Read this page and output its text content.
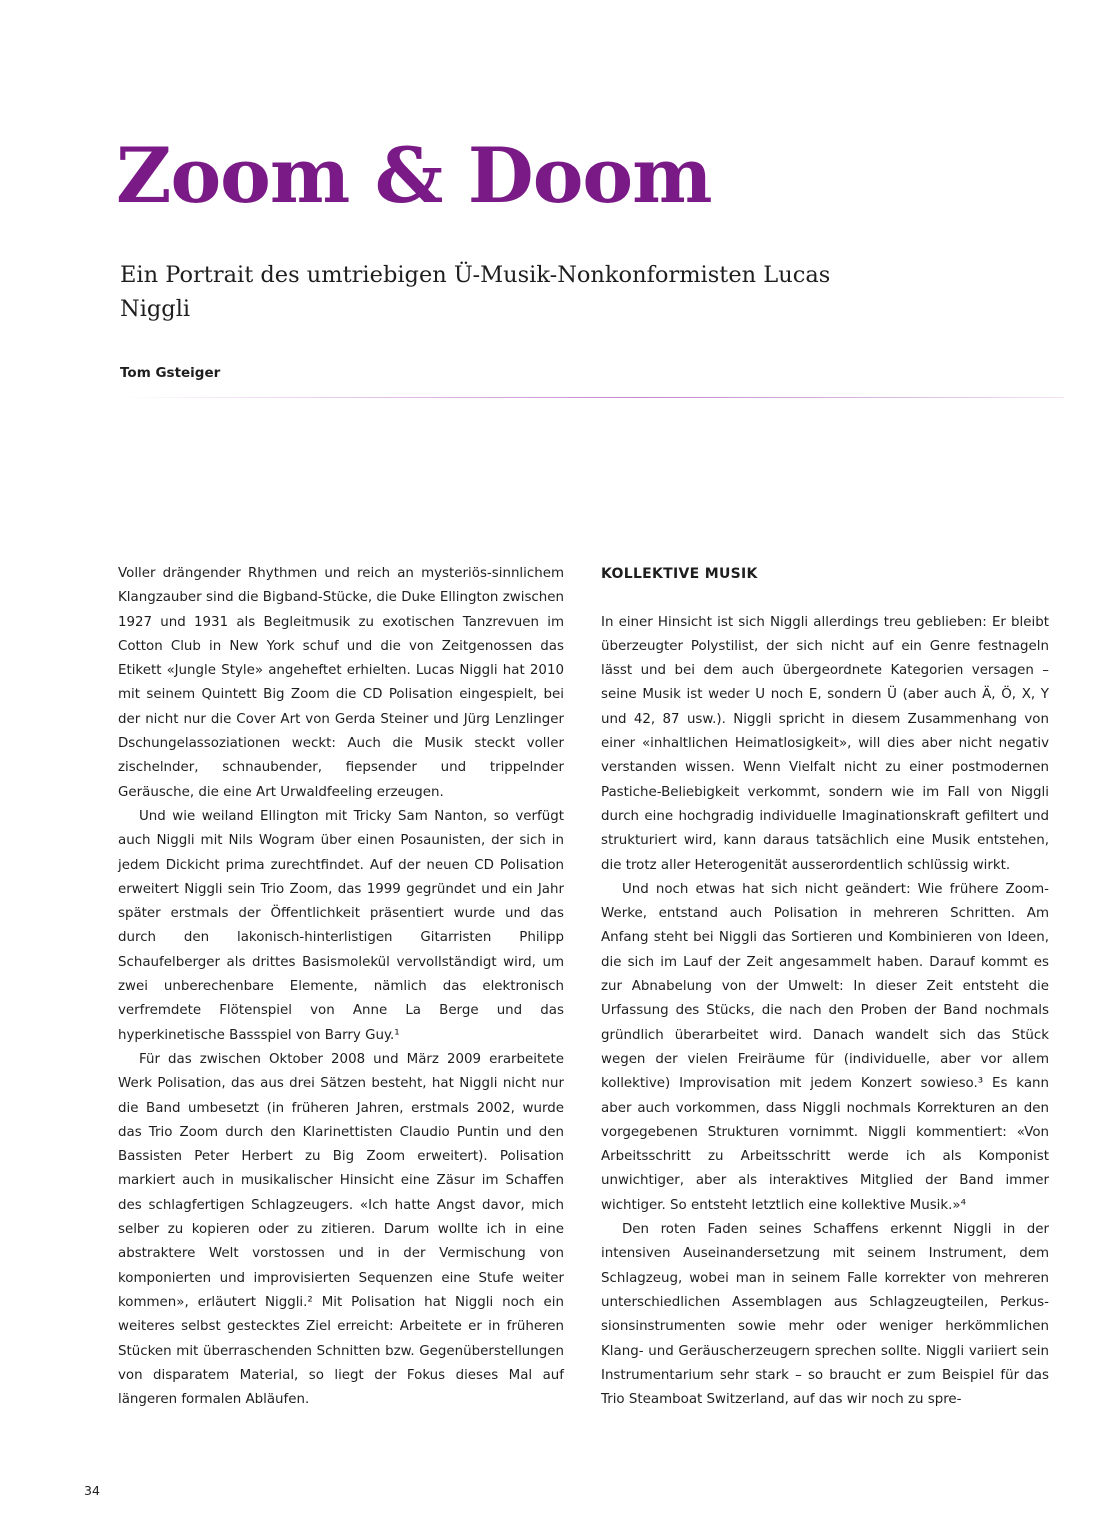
Zoom & Doom
Ein Portrait des umtriebigen Ü-Musik-Nonkonformisten Lucas Niggli

Tom Gsteiger

Voller drängender Rhythmen und reich an mysteriös-sinnlichem Klangzauber sind die Bigband-Stücke, die Duke Ellington zwischen 1927 und 1931 als Begleitmusik zu exotischen Tanzrevuen im Cotton Club in New York schuf und die von Zeitgenossen das Etikett «Jungle Style» angeheftet erhielten. Lucas Niggli hat 2010 mit seinem Quintett Big Zoom die CD Polisation eingespielt, bei der nicht nur die Cover Art von Gerda Steiner und Jürg Lenzlinger Dschungelassoziationen weckt: Auch die Musik steckt voller zischelnder, schnaubender, fiepsender und trippelnder Geräusche, die eine Art Urwaldfeeling erzeugen.

Und wie weiland Ellington mit Tricky Sam Nanton, so verfügt auch Niggli mit Nils Wogram über einen Posaunisten, der sich in jedem Dickicht prima zurechtfindet. Auf der neuen CD Polisation erweitert Niggli sein Trio Zoom, das 1999 gegründet und ein Jahr später erstmals der Öffentlichkeit präsentiert wurde und das durch den lakonisch-hinterlistigen Gitarristen Philipp Schaufelberger als drittes Basismolekül vervollständigt wird, um zwei unberechenbare Elemente, nämlich das elektronisch verfremdete Flötenspiel von Anne La Berge und das hyperkinetische Bassspiel von Barry Guy.¹

Für das zwischen Oktober 2008 und März 2009 erarbeitete Werk Polisation, das aus drei Sätzen besteht, hat Niggli nicht nur die Band umbesetzt (in früheren Jahren, erstmals 2002, wurde das Trio Zoom durch den Klarinettisten Claudio Puntin und den Bassisten Peter Herbert zu Big Zoom erweitert). Polisation markiert auch in musikalischer Hinsicht eine Zäsur im Schaffen des schlagfertigen Schlagzeugers. «Ich hatte Angst davor, mich selber zu kopieren oder zu zitieren. Darum wollte ich in eine abstraktere Welt vorstossen und in der Vermischung von komponierten und improvisierten Sequenzen eine Stufe weiter kommen», erläutert Niggli.² Mit Polisation hat Niggli noch ein weiteres selbst gestecktes Ziel erreicht: Arbeitete er in früheren Stücken mit überraschenden Schnitten bzw. Gegenüberstellungen von disparatem Material, so liegt der Fokus dieses Mal auf längeren formalen Abläufen.

KOLLEKTIVE MUSIK

In einer Hinsicht ist sich Niggli allerdings treu geblieben: Er bleibt überzeugter Polystilist, der sich nicht auf ein Genre festnageln lässt und bei dem auch übergeordnete Kategorien versagen – seine Musik ist weder U noch E, sondern Ü (aber auch Ä, Ö, X, Y und 42, 87 usw.). Niggli spricht in diesem Zusammenhang von einer «inhaltlichen Heimatlosigkeit», will dies aber nicht negativ verstanden wissen. Wenn Vielfalt nicht zu einer postmodernen Pastiche-Beliebigkeit verkommt, sondern wie im Fall von Niggli durch eine hochgradig individuelle Imaginationskraft gefiltert und strukturiert wird, kann daraus tatsächlich eine Musik entstehen, die trotz aller Heterogenität ausserordentlich schlüssig wirkt.

Und noch etwas hat sich nicht geändert: Wie frühere Zoom-Werke, entstand auch Polisation in mehreren Schritten. Am Anfang steht bei Niggli das Sortieren und Kombinieren von Ideen, die sich im Lauf der Zeit angesammelt haben. Darauf kommt es zur Abnabelung von der Umwelt: In dieser Zeit entsteht die Urfassung des Stücks, die nach den Proben der Band nochmals gründlich überarbeitet wird. Danach wandelt sich das Stück wegen der vielen Freiräume für (individuelle, aber vor allem kollektive) Improvisation mit jedem Konzert sowieso.³ Es kann aber auch vorkommen, dass Niggli nochmals Korrekturen an den vorgegebenen Strukturen vornimmt. Niggli kommentiert: «Von Arbeitsschritt zu Arbeitsschritt werde ich als Komponist unwichtiger, aber als interaktives Mitglied der Band immer wichtiger. So entsteht letztlich eine kollektive Musik.»⁴

Den roten Faden seines Schaffens erkennt Niggli in der intensiven Auseinandersetzung mit seinem Instrument, dem Schlagzeug, wobei man in seinem Falle korrekter von mehreren unterschiedlichen Assemblagen aus Schlagzeugteilen, Perkussionsinstrumenten sowie mehr oder weniger herkömmlichen Klang- und Geräuscherzeugern sprechen sollte. Niggli variiert sein Instrumentarium sehr stark – so braucht er zum Beispiel für das Trio Steamboat Switzerland, auf das wir noch zu spre-

34
